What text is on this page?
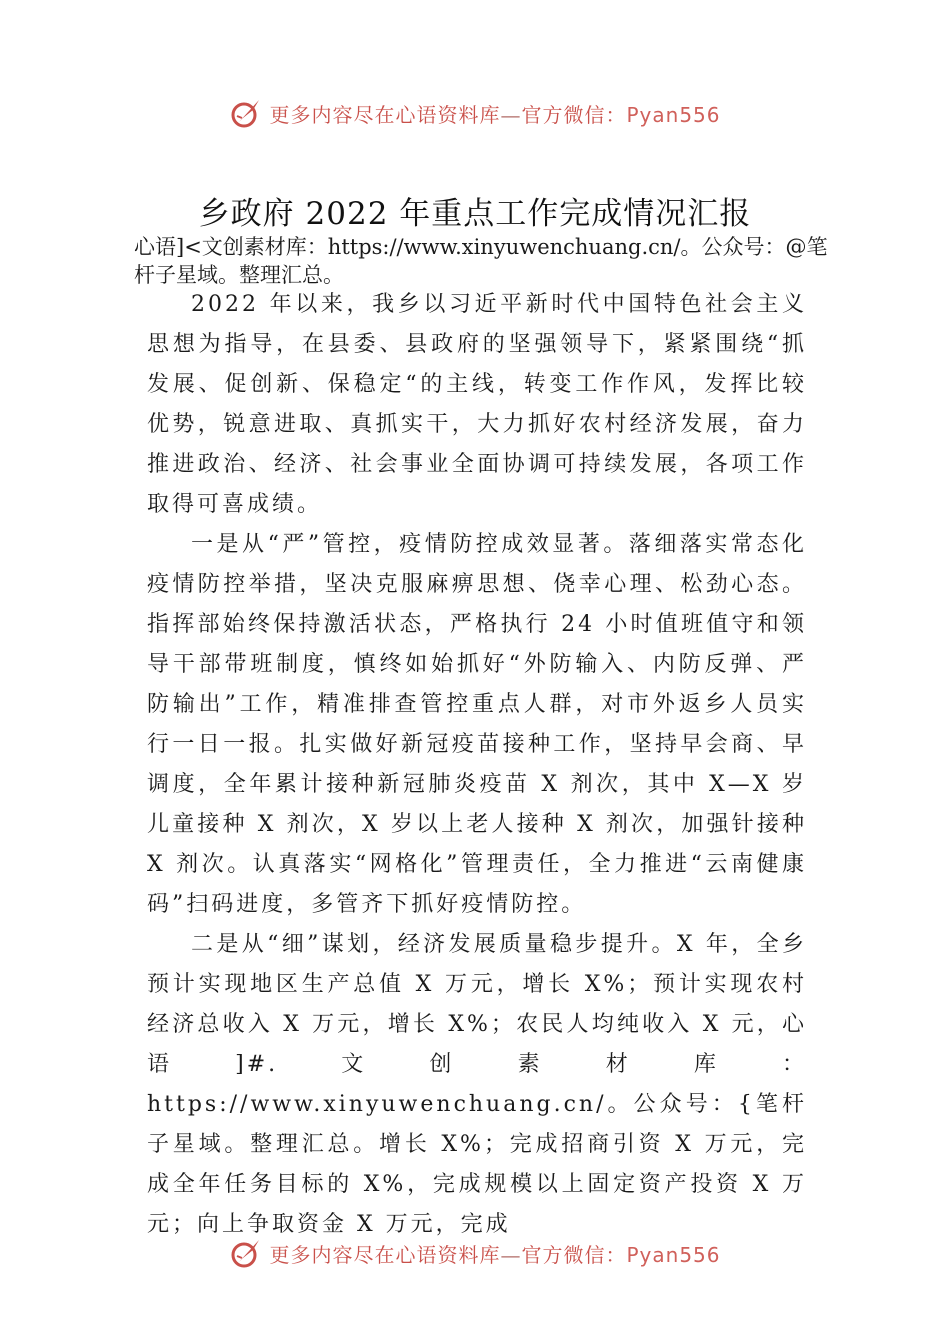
更多内容尽在心语资料库—官方微信：Pyan556
乡政府 2022 年重点工作完成情况汇报
心语]<文创素材库：https://www.xinyuwenchuang.cn/。公众号：@笔杆子星域。整理汇总。

2022 年以来，我乡以习近平新时代中国特色社会主义思想为指导，在县委、县政府的坚强领导下，紧紧围绕“抓发展、促创新、保稳定“的主线，转变工作作风，发挥比较优势，锐意进取、真抓实干，大力抓好农村经济发展，奋力推进政治、经济、社会事业全面协调可持续发展，各项工作取得可喜成绩。

一是从“严”管控，疫情防控成效显著。落细落实常态化疫情防控举措，坚决克服麻痹思想、侥幸心理、松劲心态。指挥部始终保持激活状态，严格执行 24 小时值班值守和领导干部带班制度，慎终如始抓好“外防输入、内防反弹、严防输出”工作，精准排查管控重点人群，对市外返乡人员实行一日一报。扎实做好新冠疫苗接种工作，坚持早会商、早调度，全年累计接种新冠肺炎疫苗 X 剂次，其中 X—X 岁儿童接种 X 剂次，X 岁以上老人接种 X 剂次，加强针接种 X 剂次。认真落实“网格化”管理责任，全力推进“云南健康码”扫码进度，多管齐下抓好疫情防控。

二是从“细”谋划，经济发展质量稳步提升。X 年，全乡预计实现地区生产总值 X 万元，增长 X%；预计实现农村经济总收入 X 万元，增长 X%；农民人均纯收入 X 元，心语]#.文创素材库：https://www.xinyuwenchuang.cn/。公众号：{笔杆子星域。整理汇总。增长 X%；完成招商引资 X 万元，完成全年任务目标的 X%，完成规模以上固定资产投资 X 万元；向上争取资金 X 万元，完成

更多内容尽在心语资料库—官方微信：Pyan556
